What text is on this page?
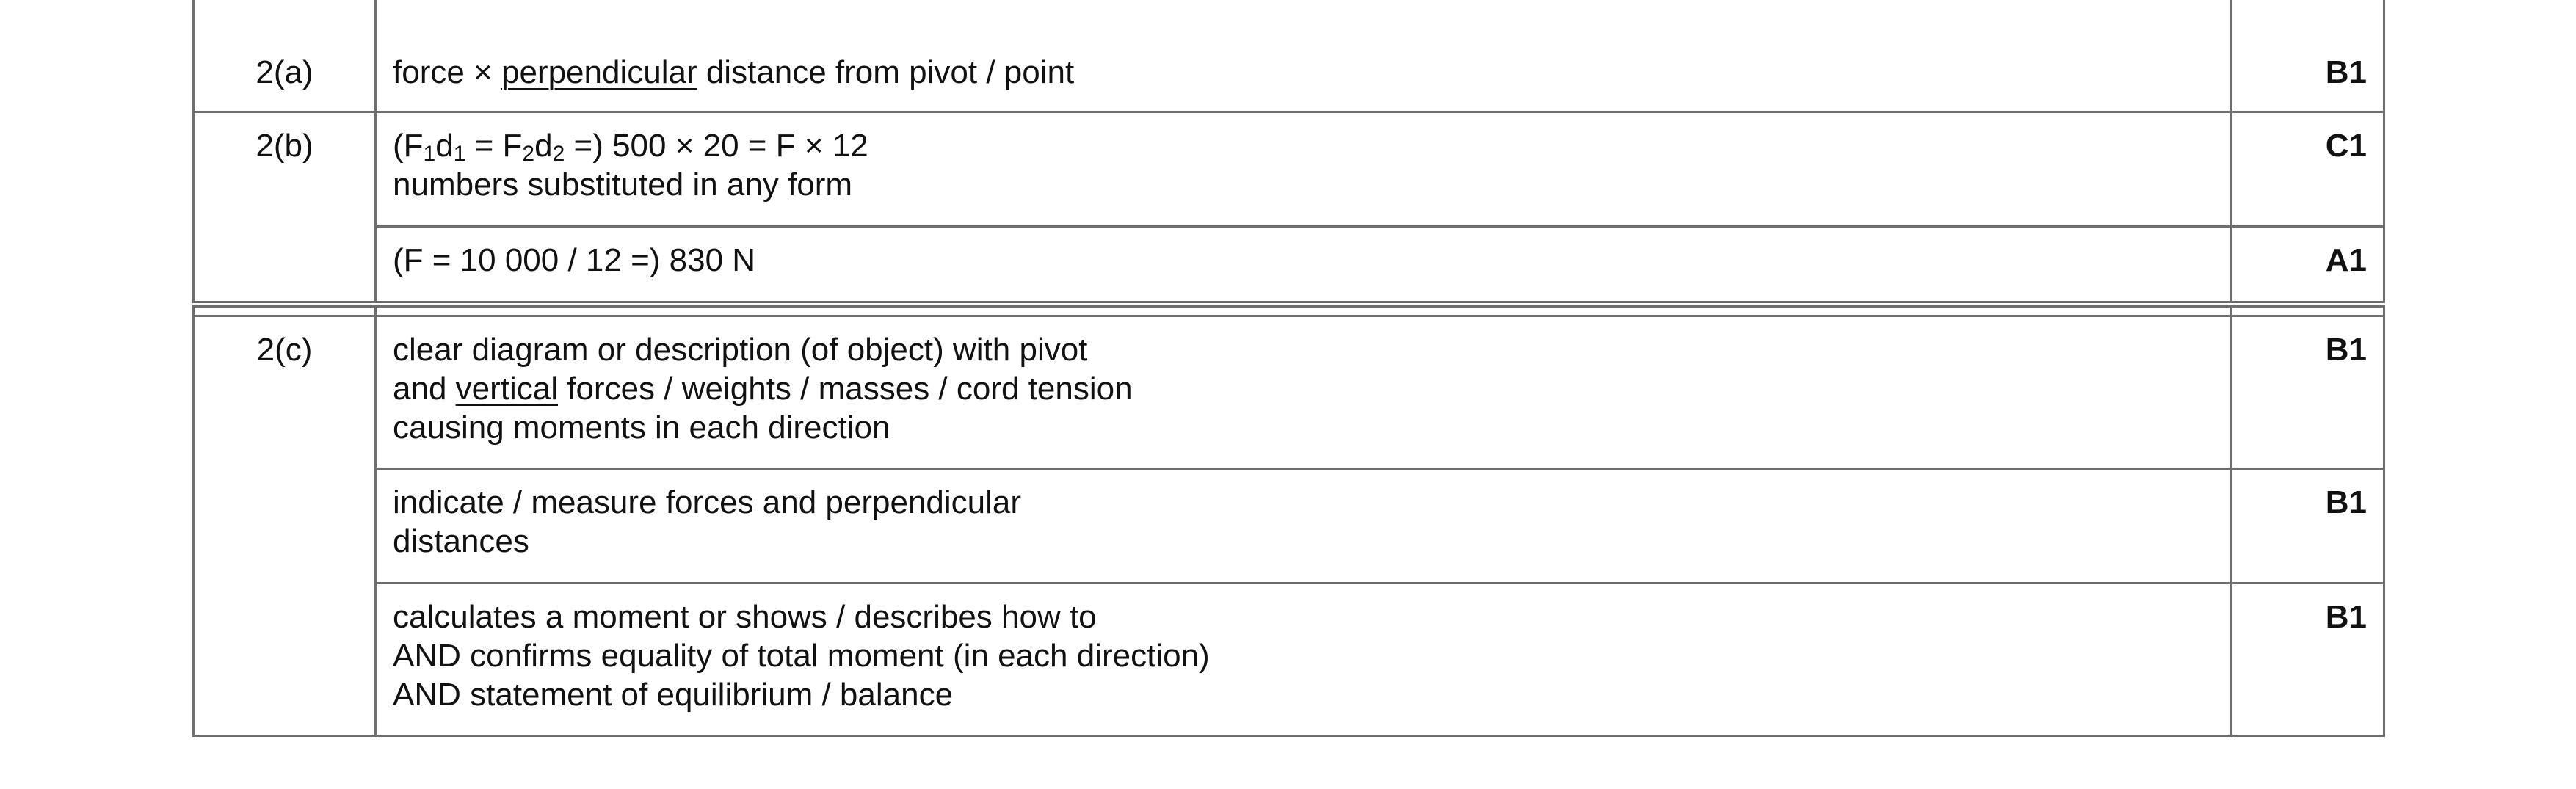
2(a)	force × perpendicular distance from pivot / point	B1
2(b)	($F_1d_1 = F_2d_2$ =) 500 × 20 = F × 12
numbers substituted in any form	C1

	(F = 10 000 / 12 =) 830 N	A1

2(c)	clear diagram or description (of object) with pivot
and vertical forces / weights / masses / cord tension
causing moments in each direction	B1

	indicate / measure forces and perpendicular
distances	B1

	calculates a moment or shows / describes how to
AND confirms equality of total moment (in each direction)
AND statement of equilibrium / balance	B1
